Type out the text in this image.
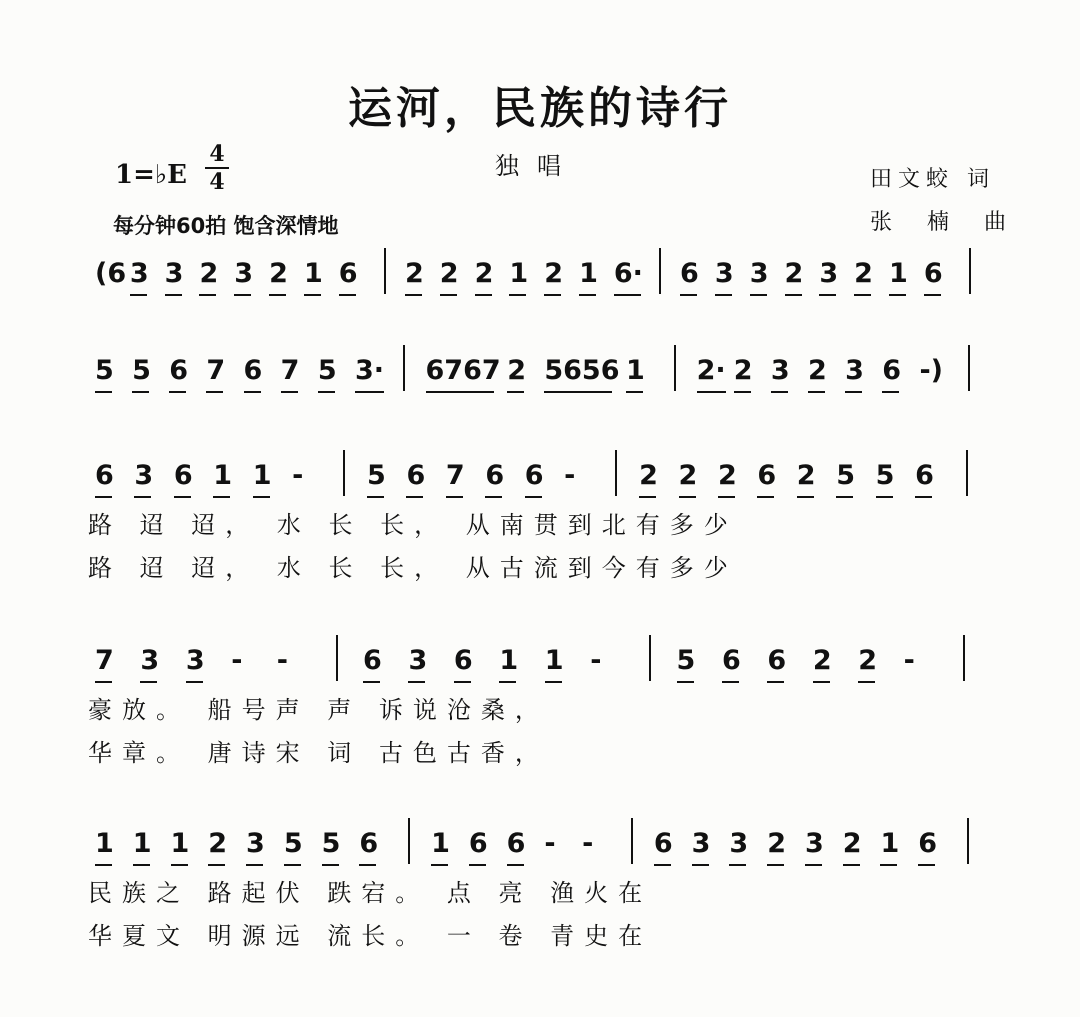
运河，民族的诗行
1=♭E
4
4
独唱
每分钟60拍 饱含深情地
田文蛟 词
张 楠 曲
(6 3 3 2 3 2 1 6 2 2 2 1 2 1 6· 6 3 3 2 3 2 1 6
5 5 6 7 6 7 5 3· 6767 2 5656 1 2· 2 3 2 3 6 -)
6 3 6 1 1 - 5 6 7 6 6 - 2 2 2 6 2 5 5 6
路 迢 迢， 水 长 长， 从南贯到北有多少
路 迢 迢， 水 长 长， 从古流到今有多少
7 3 3 - -	6 3 6 1 1 -	5 6 6 2 2 -
豪放。 船号声 声 诉说沧桑，
华章。 唐诗宋 词 古色古香，
1 1 1 2 3 5 5 6 1 6 6 - - 6 3 3 2 3 2 1 6
民族之 路起伏 跌宕。 点 亮 渔火在
华夏文 明源远 流长。 一 卷 青史在
